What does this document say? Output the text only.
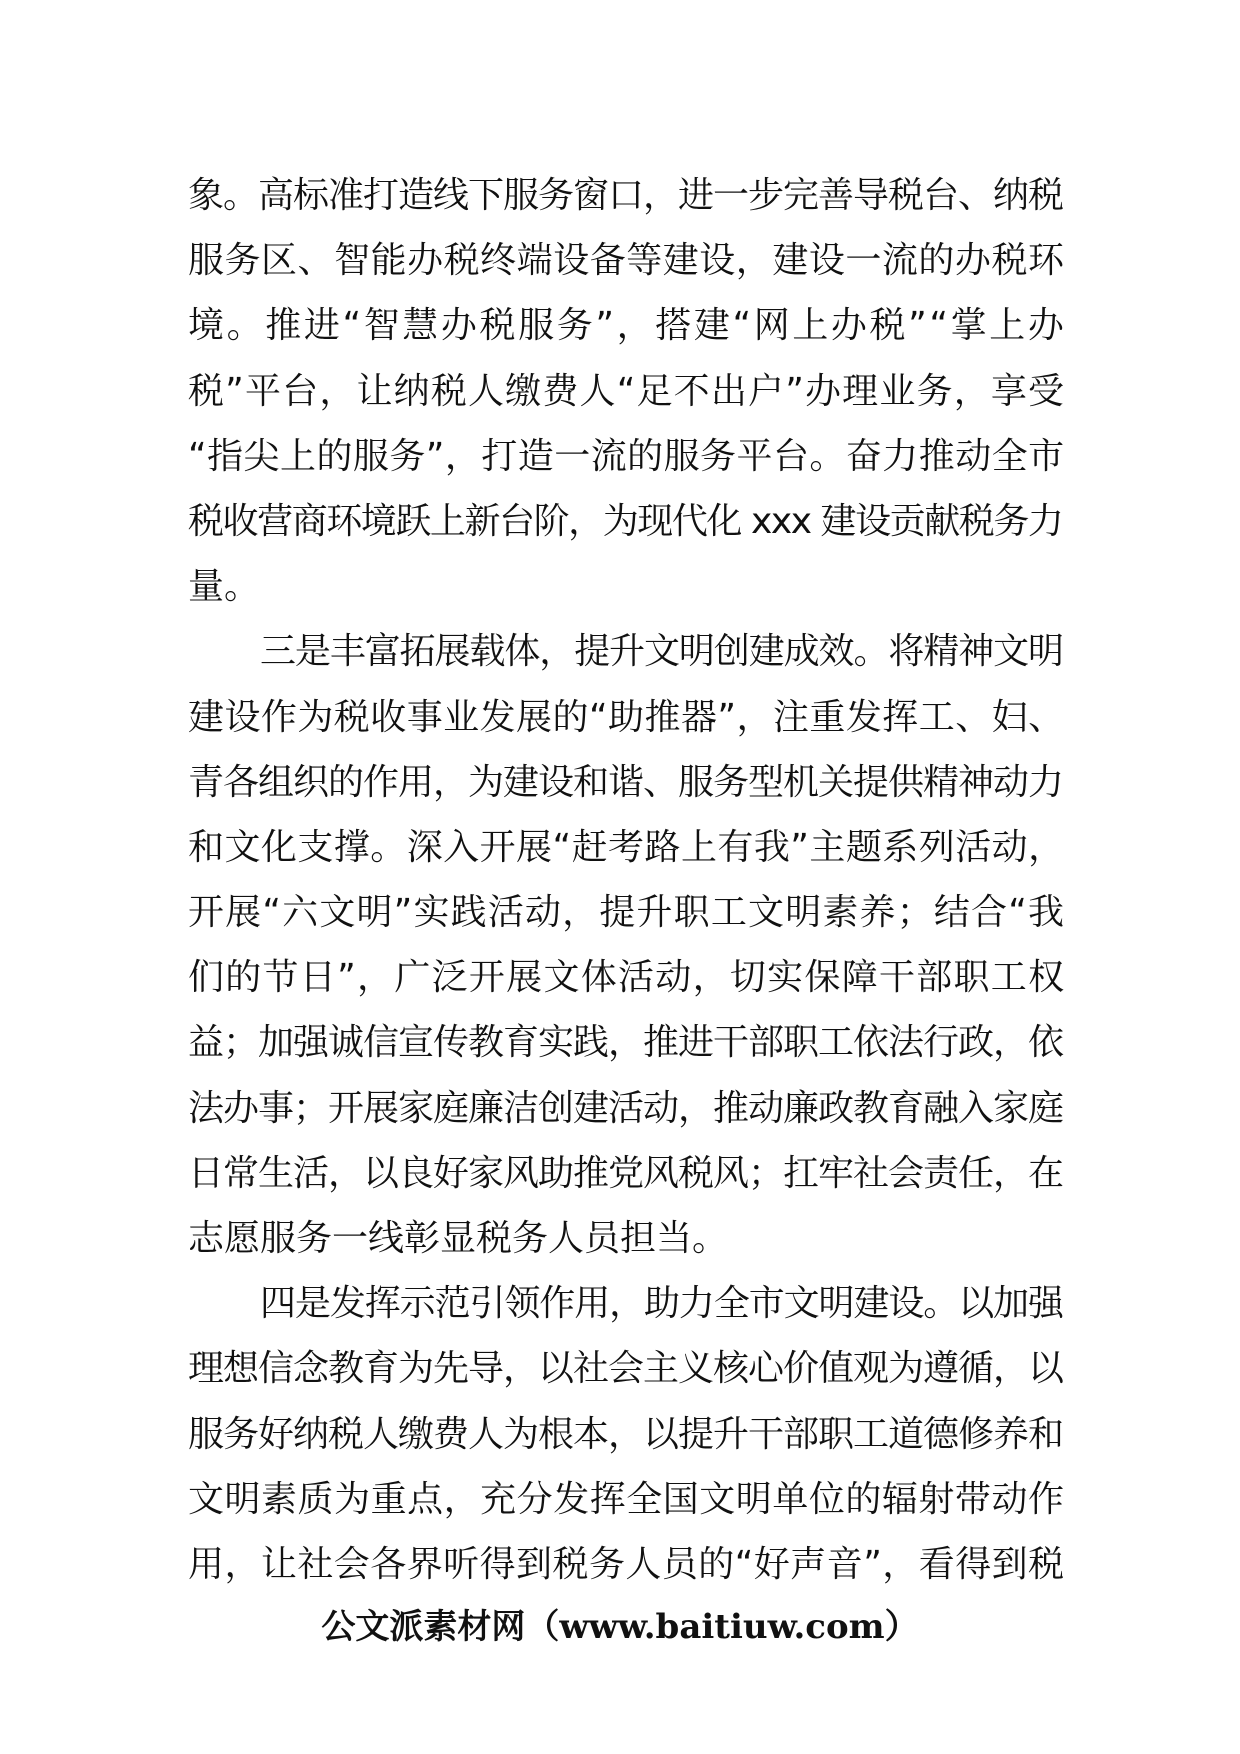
象。高标准打造线下服务窗口，进一步完善导税台、纳税
服务区、智能办税终端设备等建设，建设一流的办税环
境。推进“智慧办税服务”，搭建“网上办税”“掌上办
税”平台，让纳税人缴费人“足不出户”办理业务，享受
“指尖上的服务”，打造一流的服务平台。奋力推动全市
税收营商环境跃上新台阶，为现代化 xxx 建设贡献税务力
量。
三是丰富拓展载体，提升文明创建成效。将精神文明
建设作为税收事业发展的“助推器”，注重发挥工、妇、
青各组织的作用，为建设和谐、服务型机关提供精神动力
和文化支撑。深入开展“赶考路上有我”主题系列活动，
开展“六文明”实践活动，提升职工文明素养；结合“我
们的节日”，广泛开展文体活动，切实保障干部职工权
益；加强诚信宣传教育实践，推进干部职工依法行政，依
法办事；开展家庭廉洁创建活动，推动廉政教育融入家庭
日常生活，以良好家风助推党风税风；扛牢社会责任，在
志愿服务一线彰显税务人员担当。
四是发挥示范引领作用，助力全市文明建设。以加强
理想信念教育为先导，以社会主义核心价值观为遵循，以
服务好纳税人缴费人为根本，以提升干部职工道德修养和
文明素质为重点，充分发挥全国文明单位的辐射带动作
用，让社会各界听得到税务人员的“好声音”，看得到税
公文派素材网（www.baitiuw.com）
